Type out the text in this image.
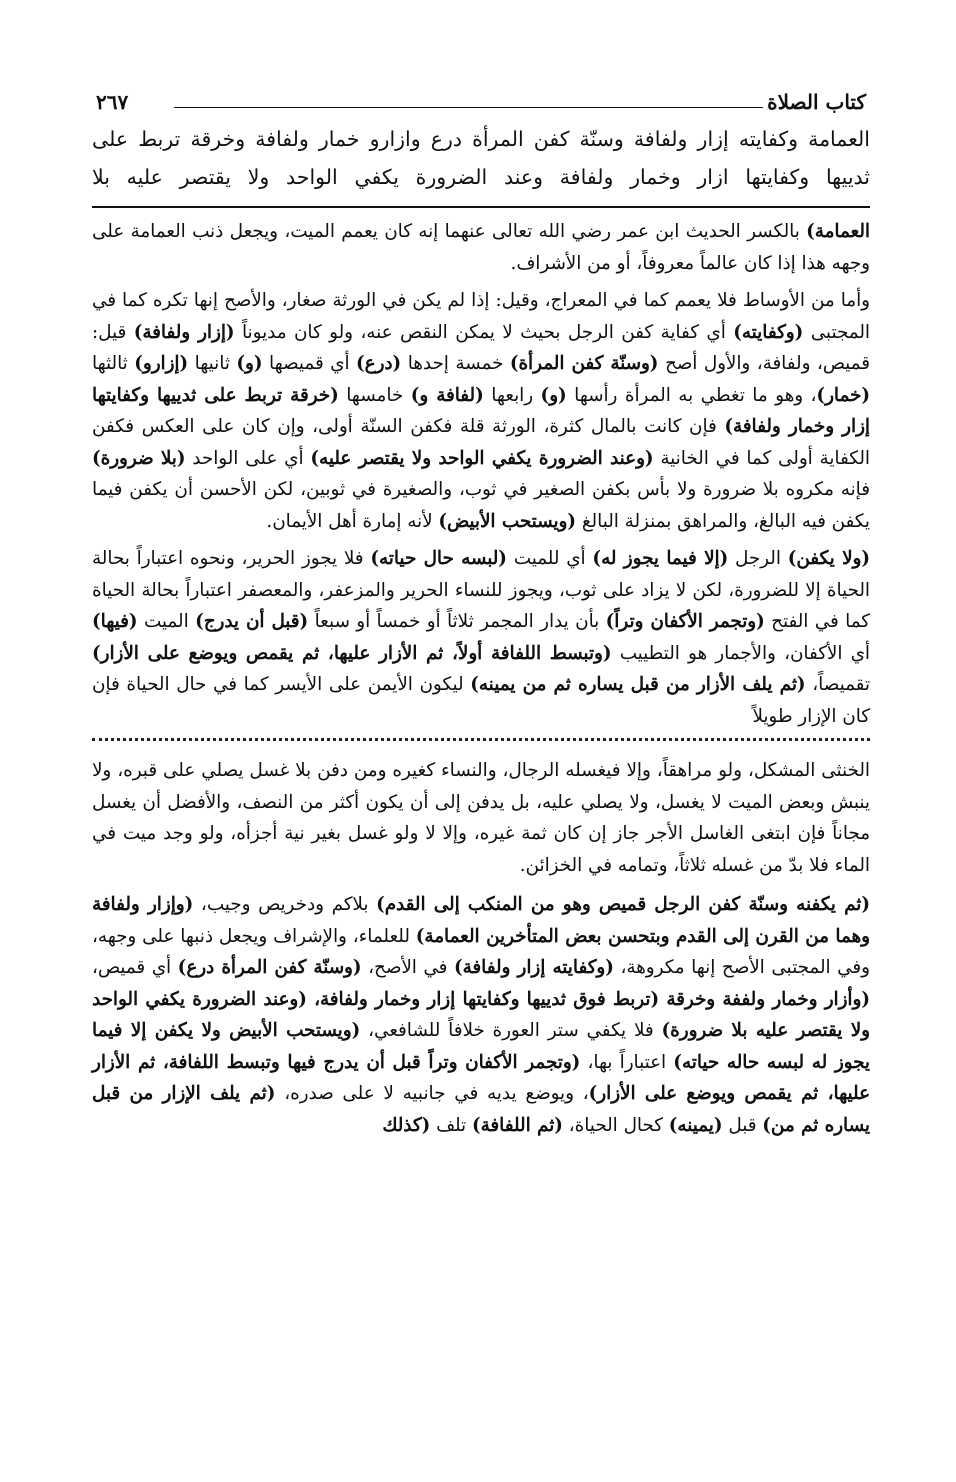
كتاب الصلاة
٢٦٧

العمامة وكفايته إزار ولفافة وسنّة كفن المرأة درع وازارو خمار ولفافة وخرقة تربط على

ثدييها وكفايتها ازار وخمار ولفافة وعند الضرورة يكفي الواحد ولا يقتصر عليه بلا

العمامة) بالكسر الحديث ابن عمر رضي الله تعالى عنهما إنه كان يعمم الميت، ويجعل ذنب العمامة على وجهه هذا إذا كان عالماً معروفاً، أو من الأشراف.

وأما من الأوساط فلا يعمم كما في المعراج، وقيل: إذا لم يكن في الورثة صغار، والأصح إنها تكره كما في المجتبى (وكفايته) أي كفاية كفن الرجل بحيث لا يمكن النقص عنه، ولو كان مديوناً (إزار ولفافة) قيل: قميص، ولفافة، والأول أصح (وسنّة كفن المرأة) خمسة إحدها (درع) أي قميصها (و) ثانيها (إزارو) ثالثها (خمار)، وهو ما تغطي به المرأة رأسها (و) رابعها (لفافة و) خامسها (خرقة تربط على ثدييها وكفايتها إزار وخمار ولفافة) فإن كانت بالمال كثرة، الورثة قلة فكفن السنّة أولى، وإن كان على العكس فكفن الكفاية أولى كما في الخانية (وعند الضرورة يكفي الواحد ولا يقتصر عليه) أي على الواحد (بلا ضرورة) فإنه مكروه بلا ضرورة ولا بأس بكفن الصغير في ثوب، والصغيرة في ثوبين، لكن الأحسن أن يكفن فيما يكفن فيه البالغ، والمراهق بمنزلة البالغ (ويستحب الأبيض) لأنه إمارة أهل الأيمان.

(ولا يكفن) الرجل (إلا فيما يجوز له) أي للميت (لبسه حال حياته) فلا يجوز الحرير، ونحوه اعتباراً بحالة الحياة إلا للضرورة، لكن لا يزاد على ثوب، ويجوز للنساء الحرير والمزعفر، والمعصفر اعتباراً بحالة الحياة كما في الفتح (وتجمر الأكفان وتراً) بأن يدار المجمر ثلاثاً أو خمساً أو سبعاً (قبل أن يدرج) الميت (فيها) أي الأكفان، والأجمار هو التطييب (وتبسط اللفافة أولاً، ثم الأزار عليها، ثم يقمص ويوضع على الأزار) تقميصاً، (ثم يلف الأزار من قبل يساره ثم من يمينه) ليكون الأيمن على الأيسر كما في حال الحياة فإن كان الإزار طويلاً

الخنثى المشكل، ولو مراهقاً، وإلا فيغسله الرجال، والنساء كغيره ومن دفن بلا غسل يصلي على قبره، ولا ينبش وبعض الميت لا يغسل، ولا يصلي عليه، بل يدفن إلى أن يكون أكثر من النصف، والأفضل أن يغسل مجاناً فإن ابتغى الغاسل الأجر جاز إن كان ثمة غيره، وإلا لا ولو غسل بغير نية أجزأه، ولو وجد ميت في الماء فلا بدّ من غسله ثلاثاً، وتمامه في الخزائن.

(ثم يكفنه وسنّة كفن الرجل قميص وهو من المنكب إلى القدم) بلاكم ودخريص وجيب، (وإزار ولفافة وهما من القرن إلى القدم وبتحسن بعض المتأخرين العمامة) للعلماء، والإشراف ويجعل ذنبها على وجهه، وفي المجتبى الأصح إنها مكروهة، (وكفايته إزار ولفافة) في الأصح، (وسنّة كفن المرأة درع) أي قميص، (وأزار وخمار ولففة وخرقة (تربط فوق ثدييها وكفايتها إزار وخمار ولفافة، (وعند الضرورة يكفي الواحد ولا يقتصر عليه بلا ضرورة) فلا يكفي ستر العورة خلافاً للشافعي، (ويستحب الأبيض ولا يكفن إلا فيما يجوز له لبسه حاله حياته) اعتباراً بها، (وتجمر الأكفان وتراً قبل أن يدرج فيها وتبسط اللفافة، ثم الأزار عليها، ثم يقمص ويوضع على الأزار)، ويوضع يديه في جانبيه لا على صدره، (ثم يلف الإزار من قبل يساره ثم من) قبل (يمينه) كحال الحياة، (ثم اللفافة) تلف (كذلك
